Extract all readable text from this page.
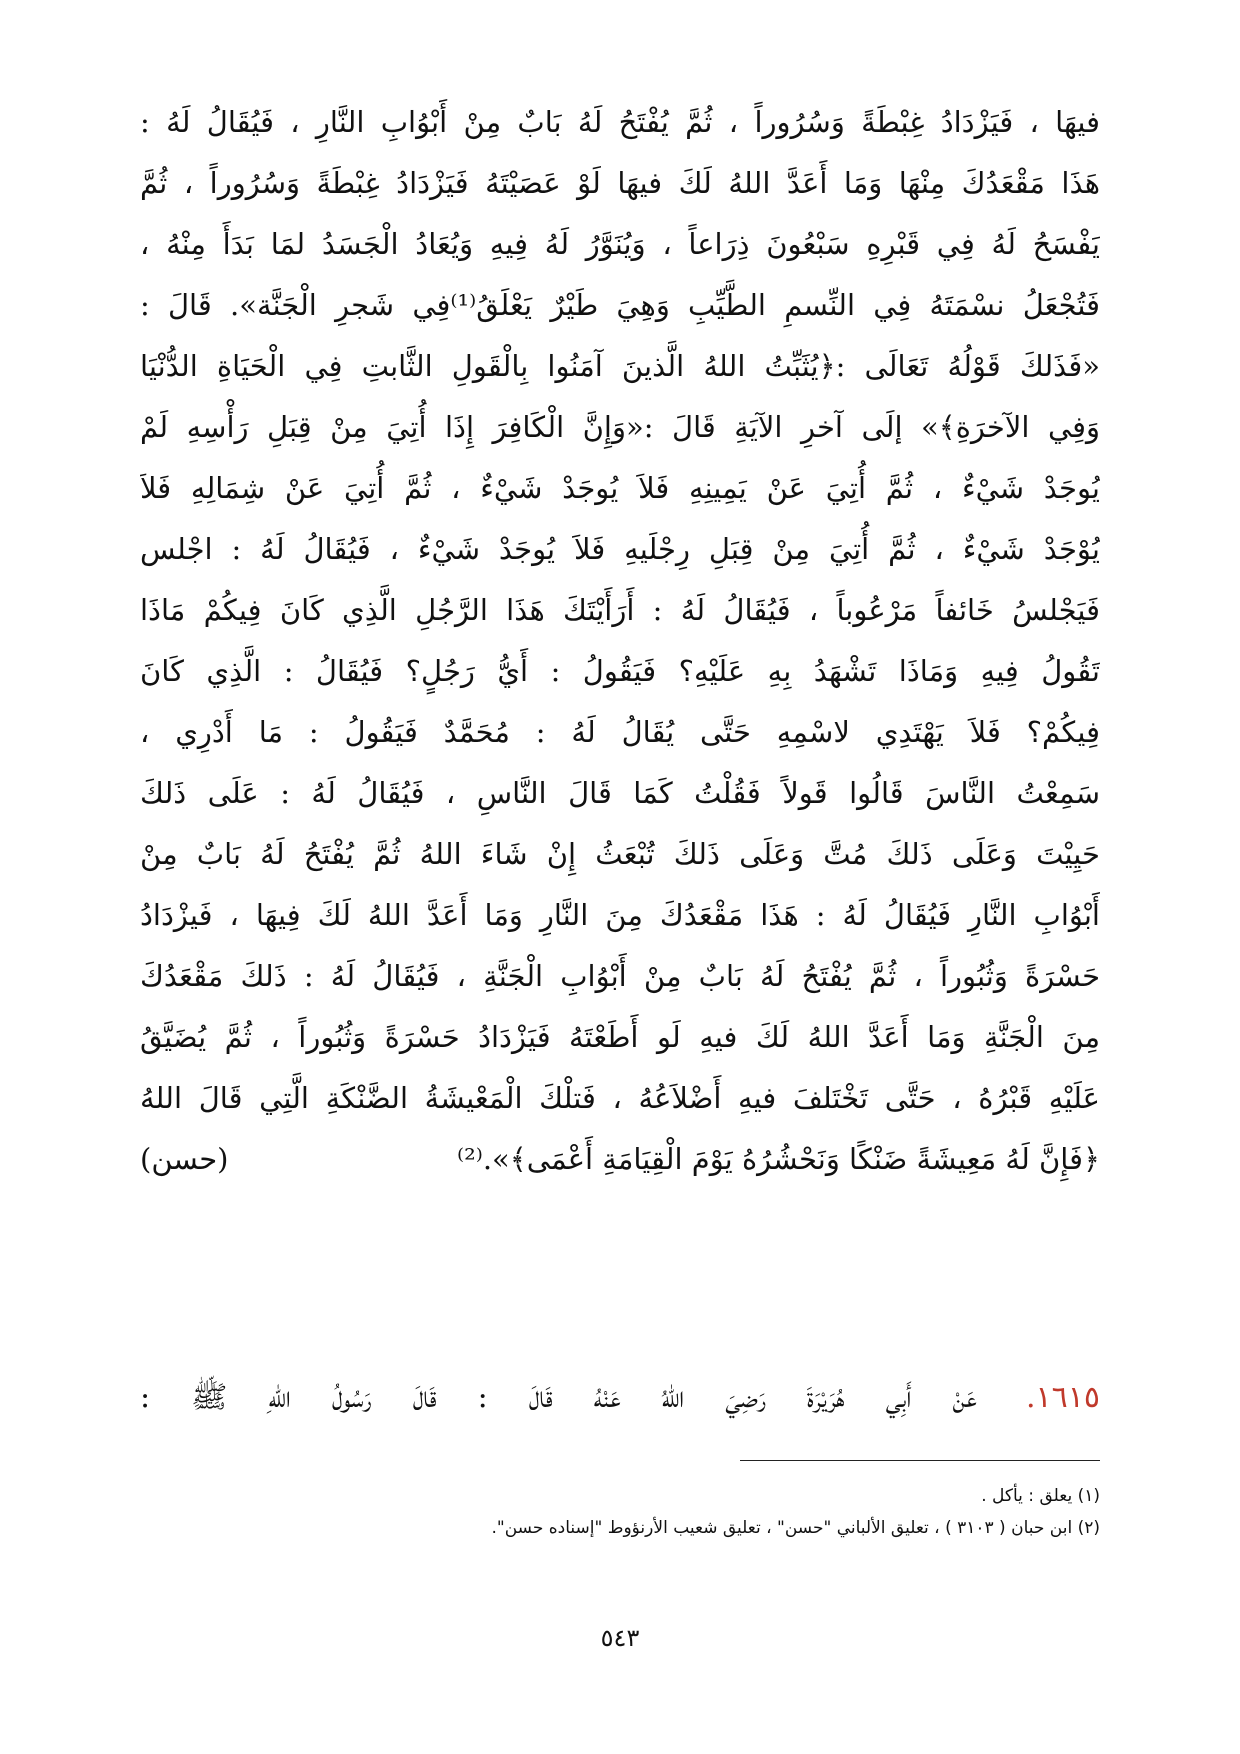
فيهَا ، فَيَزْدَادُ غِبْطَةً وَسُرُوراً ، ثُمَّ يُفْتَحُ لَهُ بَابٌ مِنْ أَبْوُابِ النَّارِ ، فَيُقَالُ لَهُ :
هَذَا مَقْعَدُكَ مِنْهَا وَمَا أَعَدَّ اللهُ لَكَ فيهَا لَوْ عَصَيْتَهُ فَيَزْدَادُ غِبْطَةً وَسُرُوراً ، ثُمَّ
يَفْسَحُ لَهُ فِي قَبْرِهِ سَبْعُونَ ذِرَاعاً ، وَيُنَوَّرُ لَهُ فِيهِ وَيُعَادُ الْجَسَدُ لمَا بَدَأَ مِنْهُ ،
فَتُجْعَلُ نسْمَتَهُ فِي النِّسمِ الطَّيِّبِ وَهِيَ طَيْرٌ يَعْلَقُ⁽¹⁾فِي شَجرِ الْجَنَّة». قَالَ :
«فَذَلكَ قَوْلُهُ تَعَالَى :﴿يُثَبِّتُ اللهُ الَّذينَ آمَنُوا بِالْقَولِ الثَّابتِ فِي الْحَيَاةِ الدُّنْيَا
وَفِي الآخرَةِ﴾» إلَى آخرِ الآيَةِ قَالَ :«وَإِنَّ الْكَافِرَ إِذَا أُتِيَ مِنْ قِبَلِ رَأْسِهِ لَمْ
يُوجَدْ شَيْءٌ ، ثُمَّ أُتِيَ عَنْ يَمِينِهِ فَلاَ يُوجَدْ شَيْءٌ ، ثُمَّ أُتِيَ عَنْ شِمَالِهِ فَلاَ
يُوْجَدْ شَيْءٌ ، ثُمَّ أُتِيَ مِنْ قِبَلِ رِجْلَيهِ فَلاَ يُوجَدْ شَيْءٌ ، فَيُقَالُ لَهُ : اجْلس
فَيَجْلسُ خَائفاً مَرْعُوباً ، فَيُقَالُ لَهُ : أَرَأَيْتَكَ هَذَا الرَّجُلِ الَّذِي كَانَ فِيكُمْ مَاذَا
تَقُولُ فِيهِ وَمَاذَا تَشْهَدُ بِهِ عَلَيْهِ؟ فَيَقُولُ : أَيُّ رَجُلٍ؟ فَيُقَالُ : الَّذِي كَانَ
فِيكُمْ؟ فَلاَ يَهْتَدِي لاسْمِهِ حَتَّى يُقَالُ لَهُ : مُحَمَّدٌ فَيَقُولُ : مَا أَدْرِي ،
سَمِعْتُ النَّاسَ قَالُوا قَولاً فَقُلْتُ كَمَا قَالَ النَّاسِ ، فَيُقَالُ لَهُ : عَلَى ذَلكَ
حَيِيْتَ وَعَلَى ذَلكَ مُتَّ وَعَلَى ذَلكَ تُبْعَثُ إِنْ شَاءَ اللهُ ثُمَّ يُفْتَحُ لَهُ بَابٌ مِنْ
أَبْوُابِ النَّارِ فَيُقَالُ لَهُ : هَذَا مَقْعَدُكَ مِنَ النَّارِ وَمَا أَعَدَّ اللهُ لَكَ فِيهَا ، فَيزْدَادُ
حَسْرَةً وَثُبُوراً ، ثُمَّ يُفْتَحُ لَهُ بَابٌ مِنْ أَبْوُابِ الْجَنَّةِ ، فَيُقَالُ لَهُ : ذَلكَ مَقْعَدُكَ
مِنَ الْجَنَّةِ وَمَا أَعَدَّ اللهُ لَكَ فيهِ لَو أَطَعْتَهُ فَيَزْدَادُ حَسْرَةً وَثُبُوراً ، ثُمَّ يُضَيَّقُ
عَلَيْهِ قَبْرُهُ ، حَتَّى تَخْتَلفَ فيهِ أَضْلاَعُهُ ، فَتلْكَ الْمَعْيشَةُ الضَّنْكَةِ الَّتِي قَالَ اللهُ
﴿فَإِنَّ لَهُ مَعِيشَةً ضَنْكًا وَنَحْشُرُهُ يَوْمَ الْقِيَامَةِ أَعْمَى﴾».⁽²⁾
(حسن)
١٦١٥. عَنْ أَبِي هُرَيْرَةَ رَضِيَ اللهُ عَنْهُ قَالَ : قَالَ رَسُولُ اللهِ ﷺ :
(١) يعلق : يأكل .
(٢) ابن حبان ( ٣١٠٣ ) ، تعليق الألباني "حسن" ، تعليق شعيب الأرنؤوط "إسناده حسن".
٥٤٣
